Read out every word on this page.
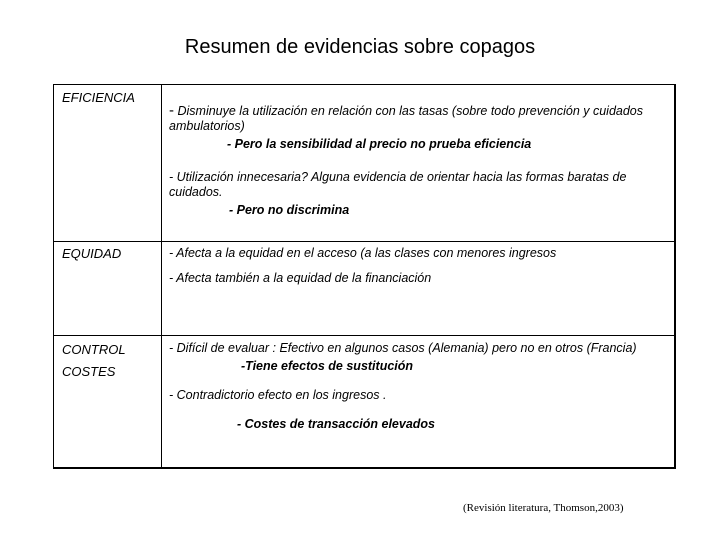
Resumen de evidencias sobre copagos
EFICIENCIA

- Disminuye la utilización en relación con las tasas (sobre todo prevención y cuidados ambulatorios)

- Pero la sensibilidad al precio no prueba eficiencia

- Utilización innecesaria? Alguna evidencia de orientar hacia las formas baratas de cuidados.

- Pero no discrimina

EQUIDAD	- Afecta a la equidad en el acceso (a las clases con menores ingresos

- Afecta también a la equidad de la financiación

CONTROL
COSTES

- Difícil de evaluar : Efectivo en algunos casos (Alemania) pero no en otros (Francia)

-Tiene efectos de sustitución

- Contradictorio efecto en los ingresos .

- Costes de transacción elevados

(Revisión literatura, Thomson,2003)
